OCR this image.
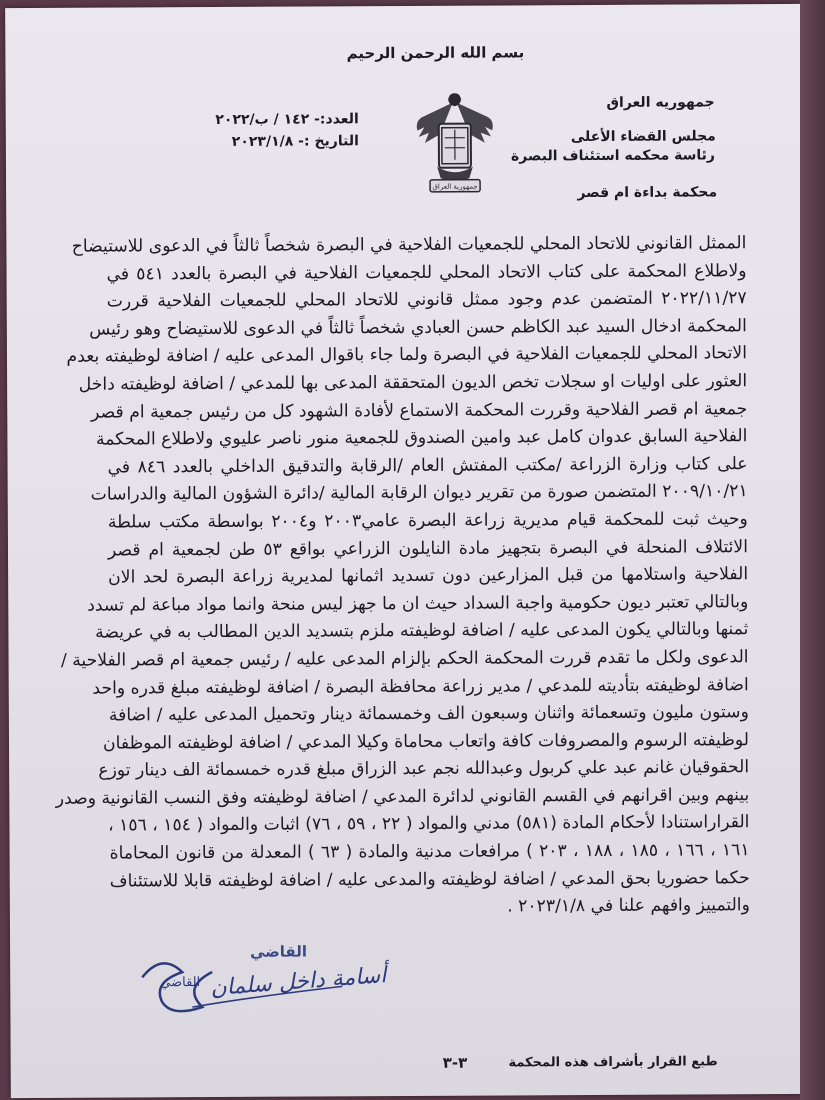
بسم الله الرحمن الرحيم
جمهوريه العراق
مجلس القضاء الأعلى
رئاسة محكمه استئناف البصرة
محكمة بداءة ام قصر
العدد:- ١٤٢ / ب/٢٠٢٢
التاريخ :- ٢٠٢٣/١/٨
جمهورية العراق

الممثل القانوني للاتحاد المحلي للجمعيات الفلاحية في البصرة شخصاً ثالثاً في الدعوى للاستيضاح

ولاطلاع المحكمة على كتاب الاتحاد المحلي للجمعيات الفلاحية في البصرة بالعدد ٥٤١ في

٢٠٢٢/١١/٢٧ المتضمن عدم وجود ممثل قانوني للاتحاد المحلي للجمعيات الفلاحية قررت

المحكمة ادخال السيد عبد الكاظم حسن العبادي شخصاً ثالثاً في الدعوى للاستيضاح وهو رئيس

الاتحاد المحلي للجمعيات الفلاحية في البصرة ولما جاء باقوال المدعى عليه / اضافة لوظيفته بعدم

العثور على اوليات او سجلات تخص الديون المتحققة المدعى بها للمدعي / اضافة لوظيفته داخل

جمعية ام قصر الفلاحية وقررت المحكمة الاستماع لأفادة الشهود كل من رئيس جمعية ام قصر

الفلاحية السابق عدوان كامل عبد وامين الصندوق للجمعية منور ناصر عليوي ولاطلاع المحكمة

على كتاب وزارة الزراعة /مكتب المفتش العام /الرقابة والتدقيق الداخلي بالعدد ٨٤٦ في

٢٠٠٩/١٠/٢١ المتضمن صورة من تقرير ديوان الرقابة المالية /دائرة الشؤون المالية والدراسات

وحيث ثبت للمحكمة قيام مديرية زراعة البصرة عامي٢٠٠٣ و٢٠٠٤ بواسطة مكتب سلطة

الائتلاف المنحلة في البصرة بتجهيز مادة النايلون الزراعي بواقع ٥٣ طن لجمعية ام قصر

الفلاحية واستلامها من قبل المزارعين دون تسديد اثمانها لمديرية زراعة البصرة لحد الان

وبالتالي تعتبر ديون حكومية واجبة السداد حيث ان ما جهز ليس منحة وانما مواد مباعة لم تسدد

ثمنها وبالتالي يكون المدعى عليه / اضافة لوظيفته ملزم بتسديد الدين المطالب به في عريضة

الدعوى ولكل ما تقدم قررت المحكمة الحكم بإلزام المدعى عليه / رئيس جمعية ام قصر الفلاحية /

اضافة لوظيفته بتأديته للمدعي / مدير زراعة محافظة البصرة / اضافة لوظيفته مبلغ قدره واحد

وستون مليون وتسعمائة واثنان وسبعون الف وخمسمائة دينار وتحميل المدعى عليه / اضافة

لوظيفته الرسوم والمصروفات كافة واتعاب محاماة وكيلا المدعي / اضافة لوظيفته الموظفان

الحقوقيان غانم عبد علي كربول وعبدالله نجم عبد الزراق مبلغ قدره خمسمائة الف دينار توزع

بينهم وبين اقرانهم في القسم القانوني لدائرة المدعي / اضافة لوظيفته وفق النسب القانونية وصدر

القراراستنادا لأحكام المادة (٥٨١) مدني والمواد ( ٢٢ ، ٥٩ ، ٧٦) اثبات والمواد ( ١٥٤ ، ١٥٦ ،

١٦١ ، ١٦٦ ، ١٨٥ ، ١٨٨ ، ٢٠٣ ) مرافعات مدنية والمادة ( ٦٣ ) المعدلة من قانون المحاماة

حكما حضوريا بحق المدعي / اضافة لوظيفته والمدعى عليه / اضافة لوظيفته قابلا للاستئناف

والتمييز وافهم علنا في ٢٠٢٣/١/٨ .

القاضي
أسامة داخل سلمان
القاضي
طبع القرار بأشراف هذه المحكمة
٣-٣
